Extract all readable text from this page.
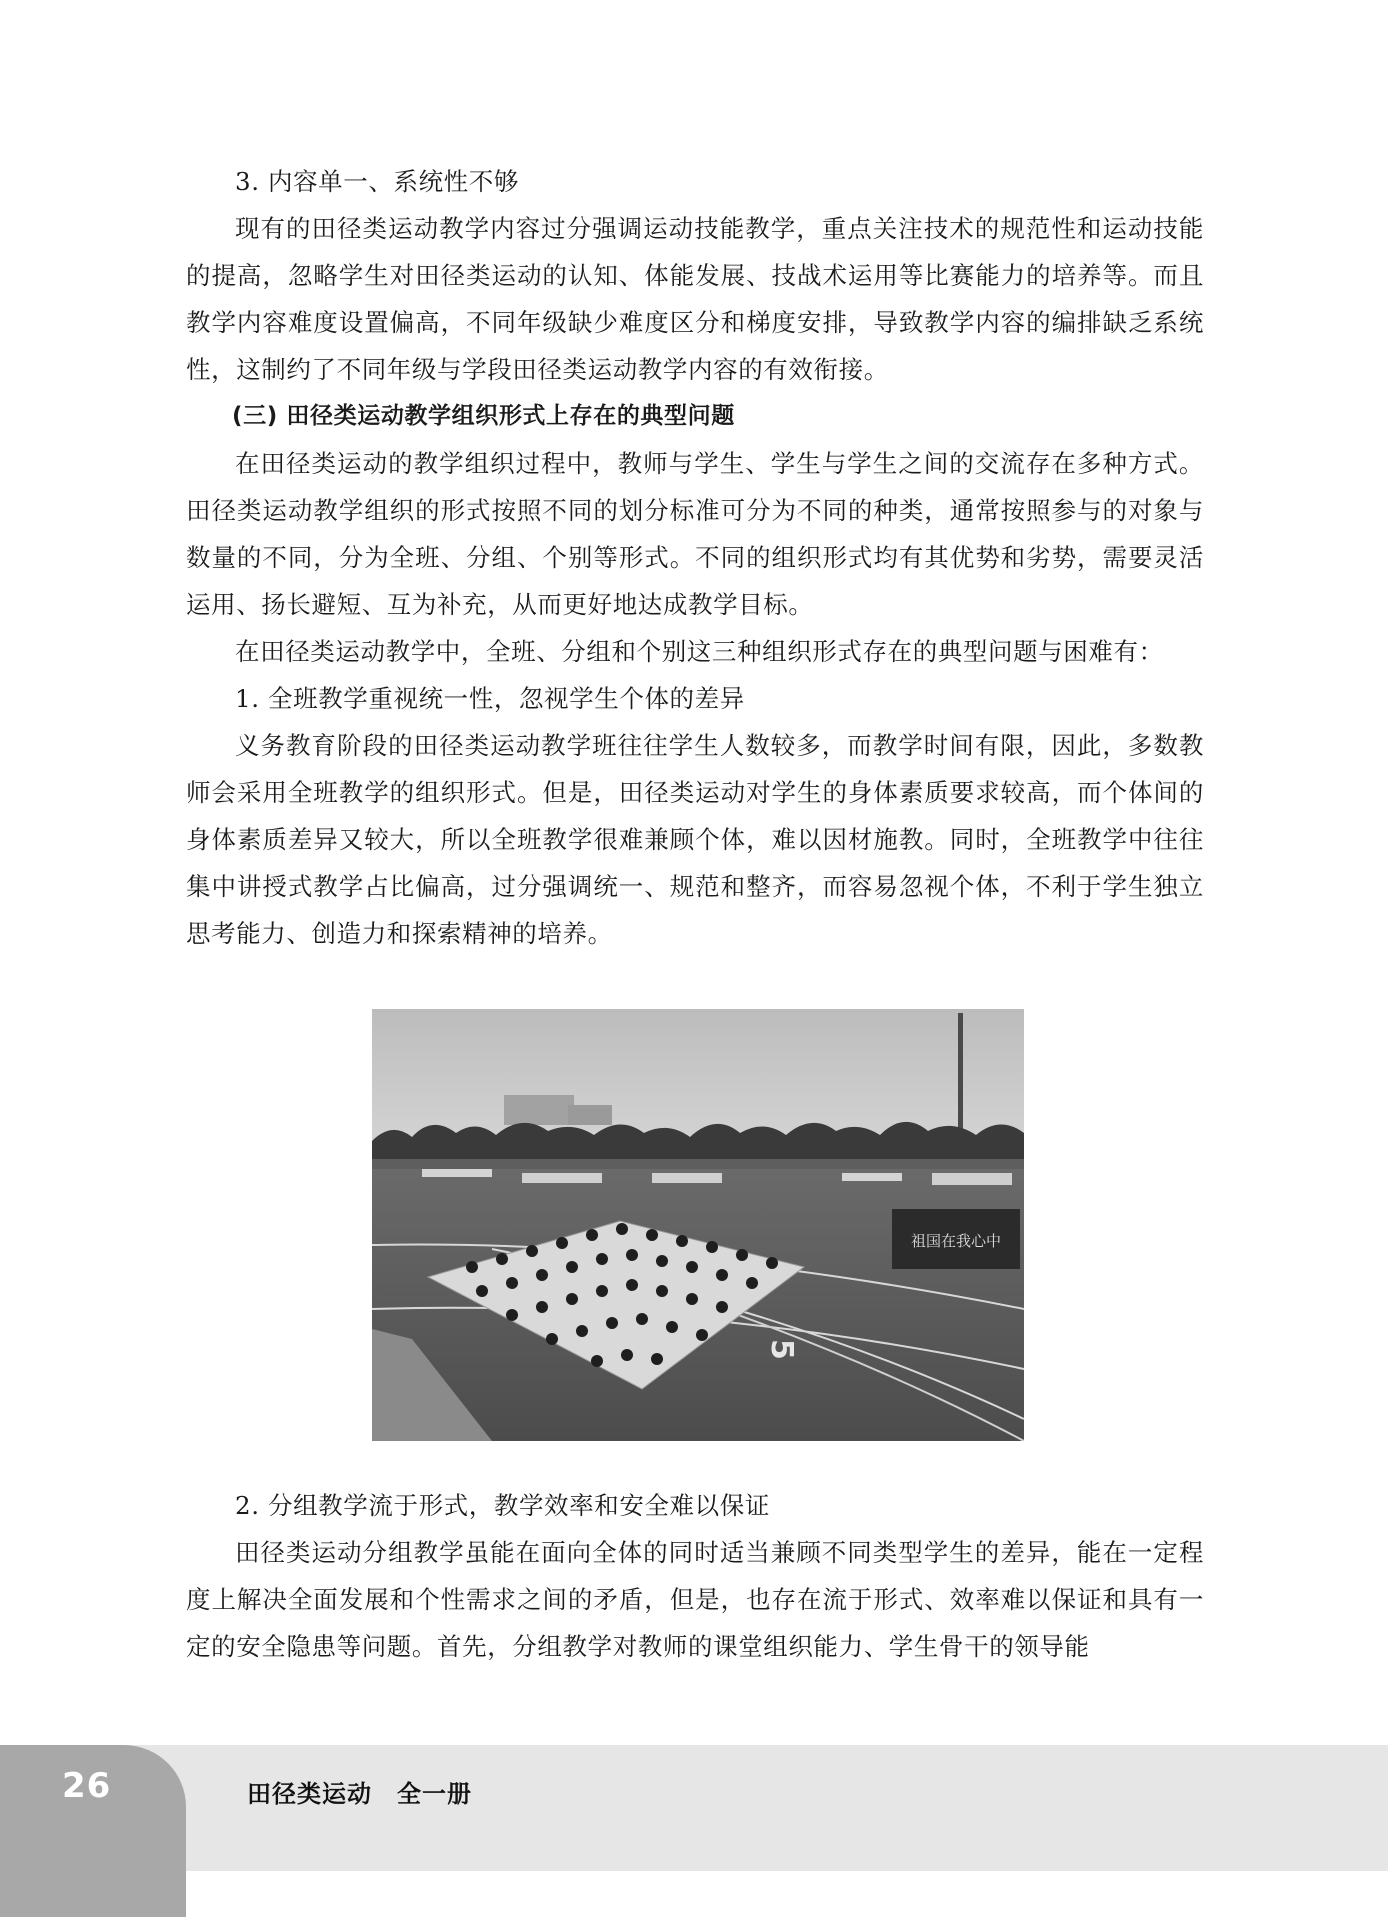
3. 内容单一、系统性不够

现有的田径类运动教学内容过分强调运动技能教学，重点关注技术的规范性和运动技能的提高，忽略学生对田径类运动的认知、体能发展、技战术运用等比赛能力的培养等。而且教学内容难度设置偏高，不同年级缺少难度区分和梯度安排，导致教学内容的编排缺乏系统性，这制约了不同年级与学段田径类运动教学内容的有效衔接。

(三) 田径类运动教学组织形式上存在的典型问题

在田径类运动的教学组织过程中，教师与学生、学生与学生之间的交流存在多种方式。田径类运动教学组织的形式按照不同的划分标准可分为不同的种类，通常按照参与的对象与数量的不同，分为全班、分组、个别等形式。不同的组织形式均有其优势和劣势，需要灵活运用、扬长避短、互为补充，从而更好地达成教学目标。

在田径类运动教学中，全班、分组和个别这三种组织形式存在的典型问题与困难有：

1. 全班教学重视统一性，忽视学生个体的差异

义务教育阶段的田径类运动教学班往往学生人数较多，而教学时间有限，因此，多数教师会采用全班教学的组织形式。但是，田径类运动对学生的身体素质要求较高，而个体间的身体素质差异又较大，所以全班教学很难兼顾个体，难以因材施教。同时，全班教学中往往集中讲授式教学占比偏高，过分强调统一、规范和整齐，而容易忽视个体，不利于学生独立思考能力、创造力和探索精神的培养。

祖国在我心中
5

2. 分组教学流于形式，教学效率和安全难以保证

田径类运动分组教学虽能在面向全体的同时适当兼顾不同类型学生的差异，能在一定程度上解决全面发展和个性需求之间的矛盾，但是，也存在流于形式、效率难以保证和具有一定的安全隐患等问题。首先，分组教学对教师的课堂组织能力、学生骨干的领导能

26	田径类运动　全一册
